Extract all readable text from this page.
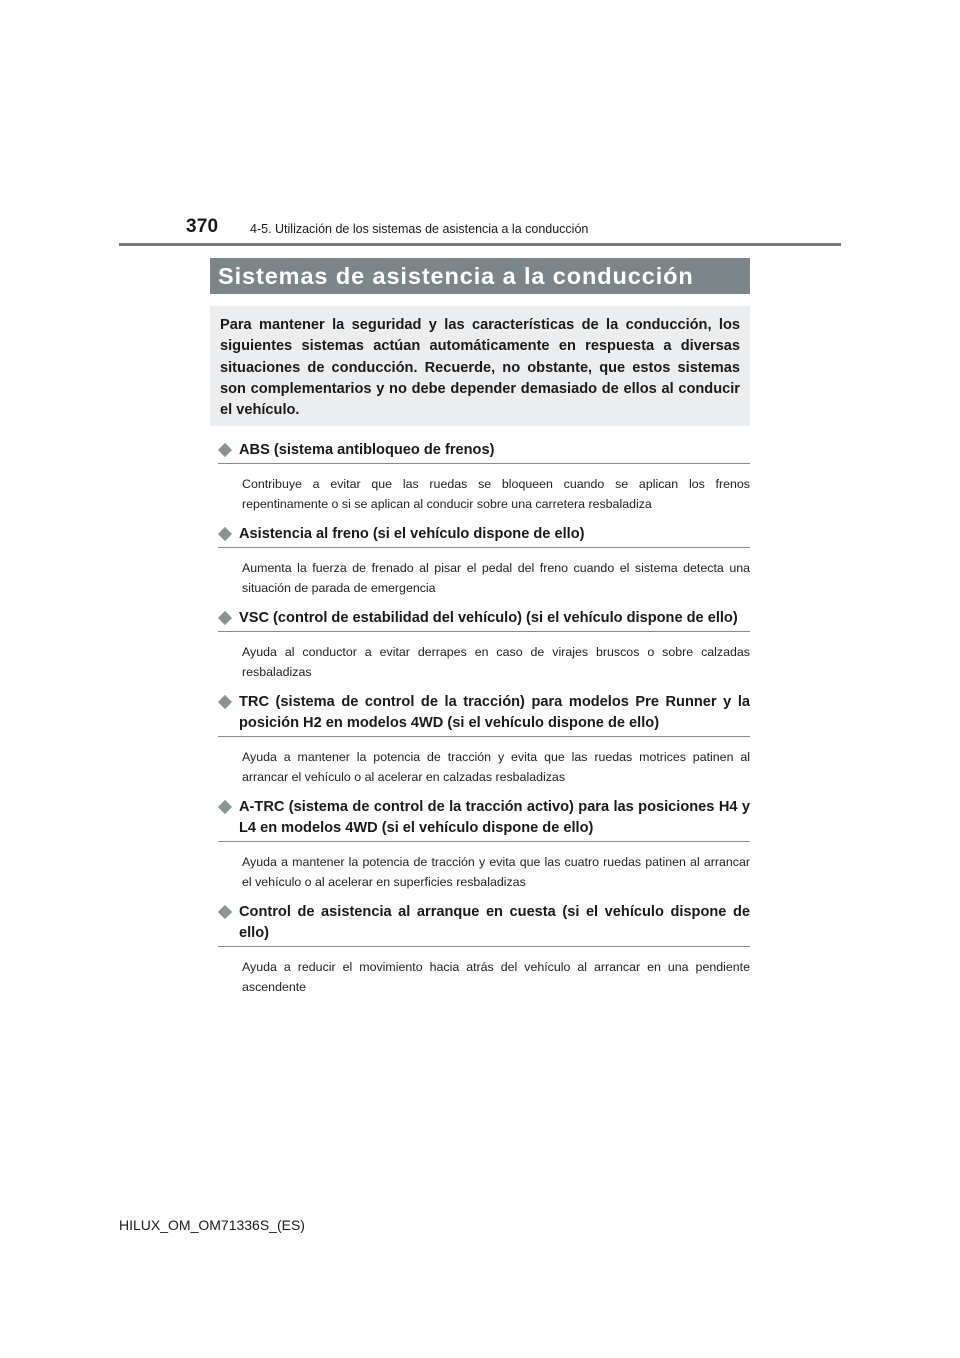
370	4-5. Utilización de los sistemas de asistencia a la conducción
Sistemas de asistencia a la conducción
Para mantener la seguridad y las características de la conducción, los siguientes sistemas actúan automáticamente en respuesta a diversas situaciones de conducción. Recuerde, no obstante, que estos sistemas son complementarios y no debe depender demasiado de ellos al conducir el vehículo.
ABS (sistema antibloqueo de frenos)
Contribuye a evitar que las ruedas se bloqueen cuando se aplican los frenos repentinamente o si se aplican al conducir sobre una carretera resbaladiza
Asistencia al freno (si el vehículo dispone de ello)
Aumenta la fuerza de frenado al pisar el pedal del freno cuando el sistema detecta una situación de parada de emergencia
VSC (control de estabilidad del vehículo) (si el vehículo dispone de ello)
Ayuda al conductor a evitar derrapes en caso de virajes bruscos o sobre calzadas resbaladizas
TRC (sistema de control de la tracción) para modelos Pre Runner y la posición H2 en modelos 4WD (si el vehículo dispone de ello)
Ayuda a mantener la potencia de tracción y evita que las ruedas motrices patinen al arrancar el vehículo o al acelerar en calzadas resbaladizas
A-TRC (sistema de control de la tracción activo) para las posiciones H4 y L4 en modelos 4WD (si el vehículo dispone de ello)
Ayuda a mantener la potencia de tracción y evita que las cuatro ruedas patinen al arrancar el vehículo o al acelerar en superficies resbaladizas
Control de asistencia al arranque en cuesta (si el vehículo dispone de ello)
Ayuda a reducir el movimiento hacia atrás del vehículo al arrancar en una pendiente ascendente
HILUX_OM_OM71336S_(ES)
